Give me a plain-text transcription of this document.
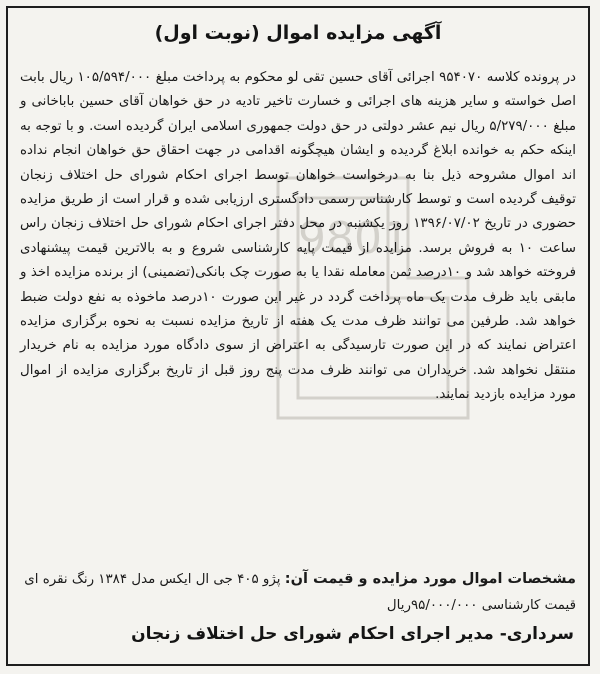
9801
آگهی مزایده اموال (نوبت اول)
در پرونده کلاسه ۹۵۴۰۷۰ اجرائی آقای حسین تقی لو محکوم به پرداخت مبلغ ۱۰۵/۵۹۴/۰۰۰ ریال بابت اصل خواسته و سایر هزینه های اجرائی و خسارت تاخیر تادیه در حق خواهان آقای حسین باباخانی و مبلغ ۵/۲۷۹/۰۰۰ ریال نیم عشر دولتی در حق دولت جمهوری اسلامی ایران گردیده است. و با توجه به اینکه حکم به خوانده ابلاغ گردیده و ایشان هیچگونه اقدامی در جهت احقاق حق خواهان انجام نداده اند اموال مشروحه ذیل بنا به درخواست خواهان توسط اجرای احکام شورای حل اختلاف زنجان توقیف گردیده است و توسط کارشناس رسمی دادگستری ارزیابی شده و قرار است از طریق مزایده حضوری در تاریخ ۱۳۹۶/۰۷/۰۲ روز یکشنبه در محل دفتر اجرای احکام شورای حل اختلاف زنجان راس ساعت ۱۰ به فروش برسد. مزایده از قیمت پایه کارشناسی شروع و به بالاترین قیمت پیشنهادی فروخته خواهد شد و ۱۰درصد ثمن معامله نقدا یا به صورت چک بانکی(تضمینی) از برنده مزایده اخذ و مابقی باید ظرف مدت یک ماه پرداخت گردد در غیر این صورت ۱۰درصد ماخوذه به نفع دولت ضبط خواهد شد. طرفین می توانند ظرف مدت یک هفته از تاریخ مزایده نسبت به نحوه برگزاری مزایده اعتراض نمایند که در این صورت تارسیدگی به اعتراض از سوی دادگاه مورد مزایده به نام خریدار منتقل نخواهد شد. خریداران می توانند ظرف مدت پنج روز قبل از تاریخ برگزاری مزایده از اموال مورد مزایده بازدید نمایند.
مشخصات اموال مورد مزایده و قیمت آن: پژو ۴۰۵ جی ال ایکس مدل ۱۳۸۴ رنگ نقره ای قیمت کارشناسی ۹۵/۰۰۰/۰۰۰ریال
سرداری- مدیر اجرای احکام شورای حل اختلاف زنجان
